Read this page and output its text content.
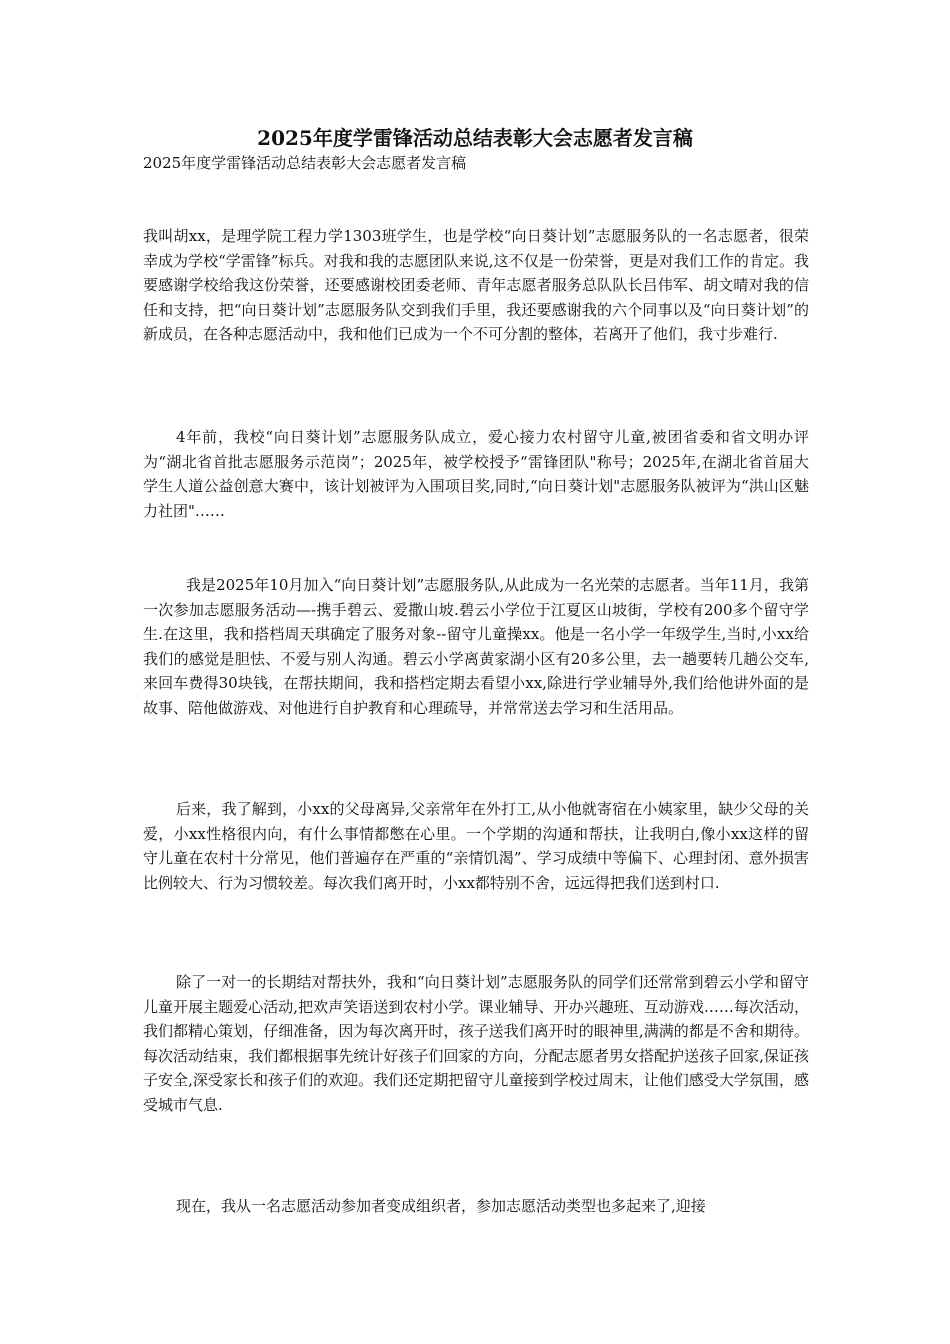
2025年度学雷锋活动总结表彰大会志愿者发言稿

2025年度学雷锋活动总结表彰大会志愿者发言稿

我叫胡xx，是理学院工程力学1303班学生，也是学校“向日葵计划”志愿服务队的一名志愿者，很荣幸成为学校“学雷锋”标兵。对我和我的志愿团队来说,这不仅是一份荣誉，更是对我们工作的肯定。我要感谢学校给我这份荣誉，还要感谢校团委老师、青年志愿者服务总队队长吕伟军、胡文晴对我的信任和支持，把“向日葵计划”志愿服务队交到我们手里，我还要感谢我的六个同事以及“向日葵计划”的新成员，在各种志愿活动中，我和他们已成为一个不可分割的整体，若离开了他们，我寸步难行.

4年前，我校“向日葵计划”志愿服务队成立，爱心接力农村留守儿童,被团省委和省文明办评为“湖北省首批志愿服务示范岗”；2025年，被学校授予“雷锋团队"称号；2025年,在湖北省首届大学生人道公益创意大赛中，该计划被评为入围项目奖,同时,“向日葵计划"志愿服务队被评为“洪山区魅力社团"……

我是2025年10月加入“向日葵计划”志愿服务队,从此成为一名光荣的志愿者。当年11月，我第一次参加志愿服务活动—-携手碧云、爱撒山坡.碧云小学位于江夏区山坡街，学校有200多个留守学生.在这里，我和搭档周天琪确定了服务对象--留守儿童操xx。他是一名小学一年级学生,当时,小xx给我们的感觉是胆怯、不爱与别人沟通。碧云小学离黄家湖小区有20多公里，去一趟要转几趟公交车,来回车费得30块钱，在帮扶期间，我和搭档定期去看望小xx,除进行学业辅导外,我们给他讲外面的是故事、陪他做游戏、对他进行自护教育和心理疏导，并常常送去学习和生活用品。

后来，我了解到，小xx的父母离异,父亲常年在外打工,从小他就寄宿在小姨家里，缺少父母的关爱，小xx性格很内向，有什么事情都憋在心里。一个学期的沟通和帮扶，让我明白,像小xx这样的留守儿童在农村十分常见，他们普遍存在严重的“亲情饥渴”、学习成绩中等偏下、心理封闭、意外损害比例较大、行为习惯较差。每次我们离开时，小xx都特别不舍，远远得把我们送到村口.

除了一对一的长期结对帮扶外，我和“向日葵计划”志愿服务队的同学们还常常到碧云小学和留守儿童开展主题爱心活动,把欢声笑语送到农村小学。课业辅导、开办兴趣班、互动游戏……每次活动，我们都精心策划，仔细准备，因为每次离开时，孩子送我们离开时的眼神里,满满的都是不舍和期待。每次活动结束，我们都根据事先统计好孩子们回家的方向，分配志愿者男女搭配护送孩子回家,保证孩子安全,深受家长和孩子们的欢迎。我们还定期把留守儿童接到学校过周末，让他们感受大学氛围，感受城市气息.

现在，我从一名志愿活动参加者变成组织者，参加志愿活动类型也多起来了,迎接
